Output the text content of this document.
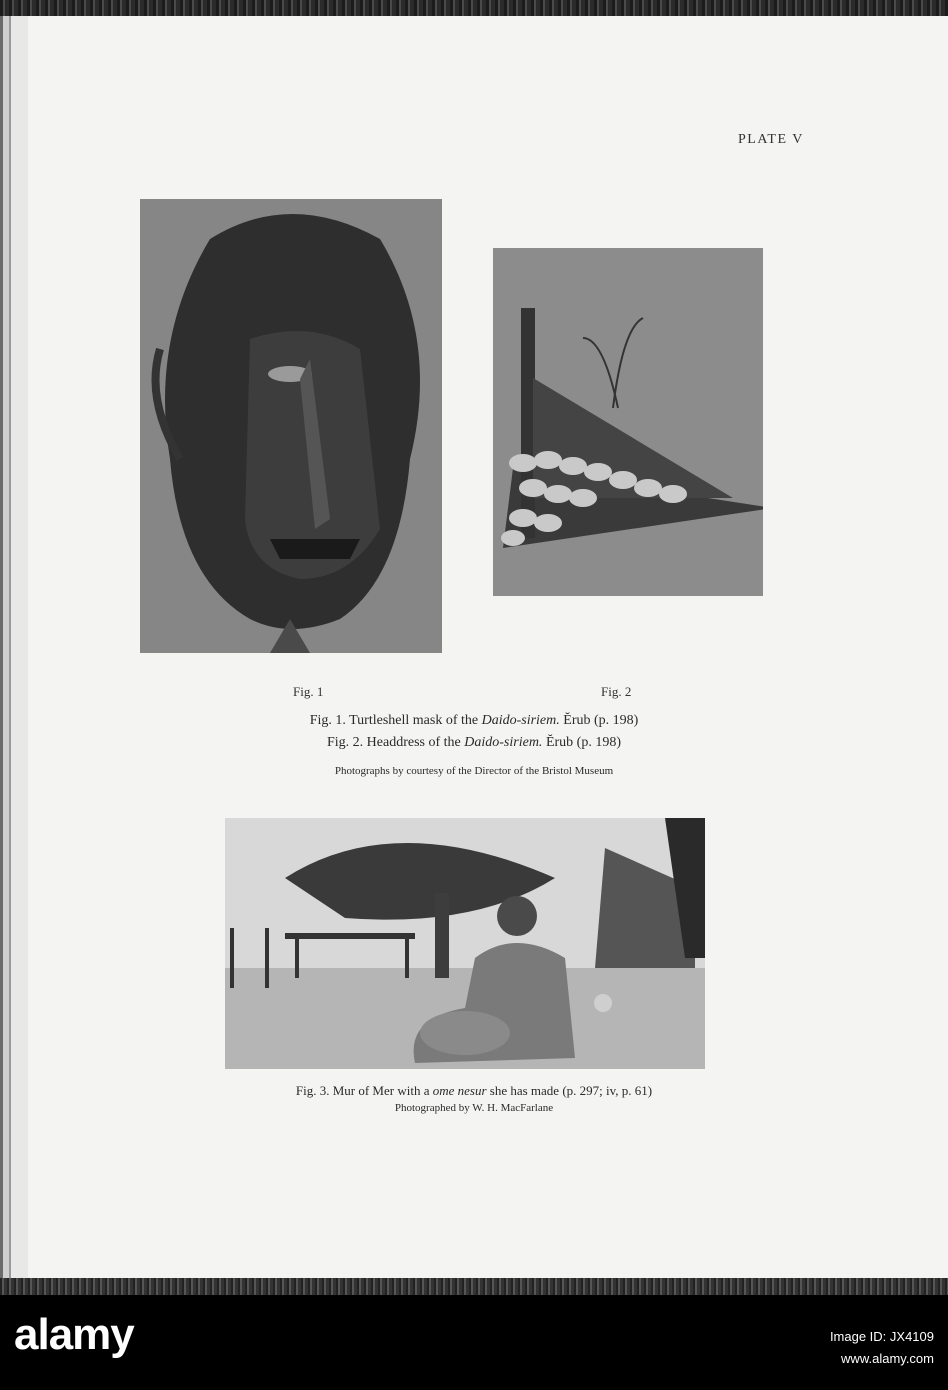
PLATE V
Fig. 1	Fig. 2
Fig. 1. Turtleshell mask of the Daido-siriem. Ĕrub (p. 198)
Fig. 2. Headdress of the Daido-siriem. Ĕrub (p. 198)
Photographs by courtesy of the Director of the Bristol Museum
Fig. 3. Mur of Mer with a ome nesur she has made (p. 297; iv, p. 61)
Photographed by W. H. MacFarlane
alamy	Image ID: JX4109
www.alamy.com
